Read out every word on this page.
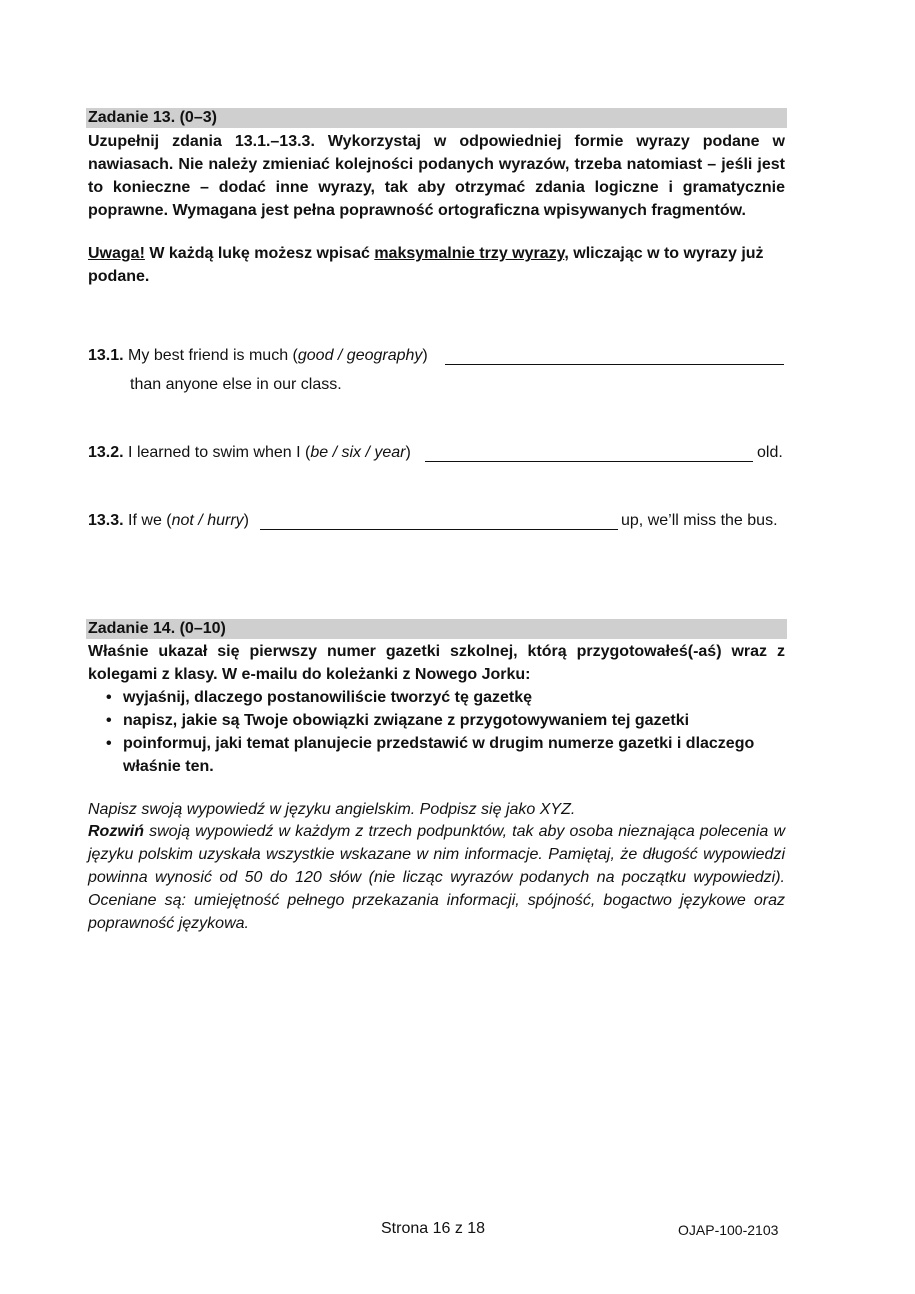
Zadanie 13. (0–3)
Uzupełnij zdania 13.1.–13.3. Wykorzystaj w odpowiedniej formie wyrazy podane w nawiasach. Nie należy zmieniać kolejności podanych wyrazów, trzeba natomiast – jeśli jest to konieczne – dodać inne wyrazy, tak aby otrzymać zdania logiczne i gramatycznie poprawne. Wymagana jest pełna poprawność ortograficzna wpisywanych fragmentów.
Uwaga! W każdą lukę możesz wpisać maksymalnie trzy wyrazy, wliczając w to wyrazy już podane.
13.1. My best friend is much (good / geography)
than anyone else in our class.
13.2. I learned to swim when I (be / six / year)	old.
13.3. If we (not / hurry)	up, we’ll miss the bus.
Zadanie 14. (0–10)
Właśnie ukazał się pierwszy numer gazetki szkolnej, którą przygotowałeś(-aś) wraz z kolegami z klasy. W e-mailu do koleżanki z Nowego Jorku:
• wyjaśnij, dlaczego postanowiliście tworzyć tę gazetkę
• napisz, jakie są Twoje obowiązki związane z przygotowywaniem tej gazetki
• poinformuj, jaki temat planujecie przedstawić w drugim numerze gazetki i dlaczego właśnie ten.
Napisz swoją wypowiedź w języku angielskim. Podpisz się jako XYZ.
Rozwiń swoją wypowiedź w każdym z trzech podpunktów, tak aby osoba nieznająca polecenia w języku polskim uzyskała wszystkie wskazane w nim informacje. Pamiętaj, że długość wypowiedzi powinna wynosić od 50 do 120 słów (nie licząc wyrazów podanych na początku wypowiedzi). Oceniane są: umiejętność pełnego przekazania informacji, spójność, bogactwo językowe oraz poprawność językowa.
Strona 16 z 18	OJAP-100-2103
